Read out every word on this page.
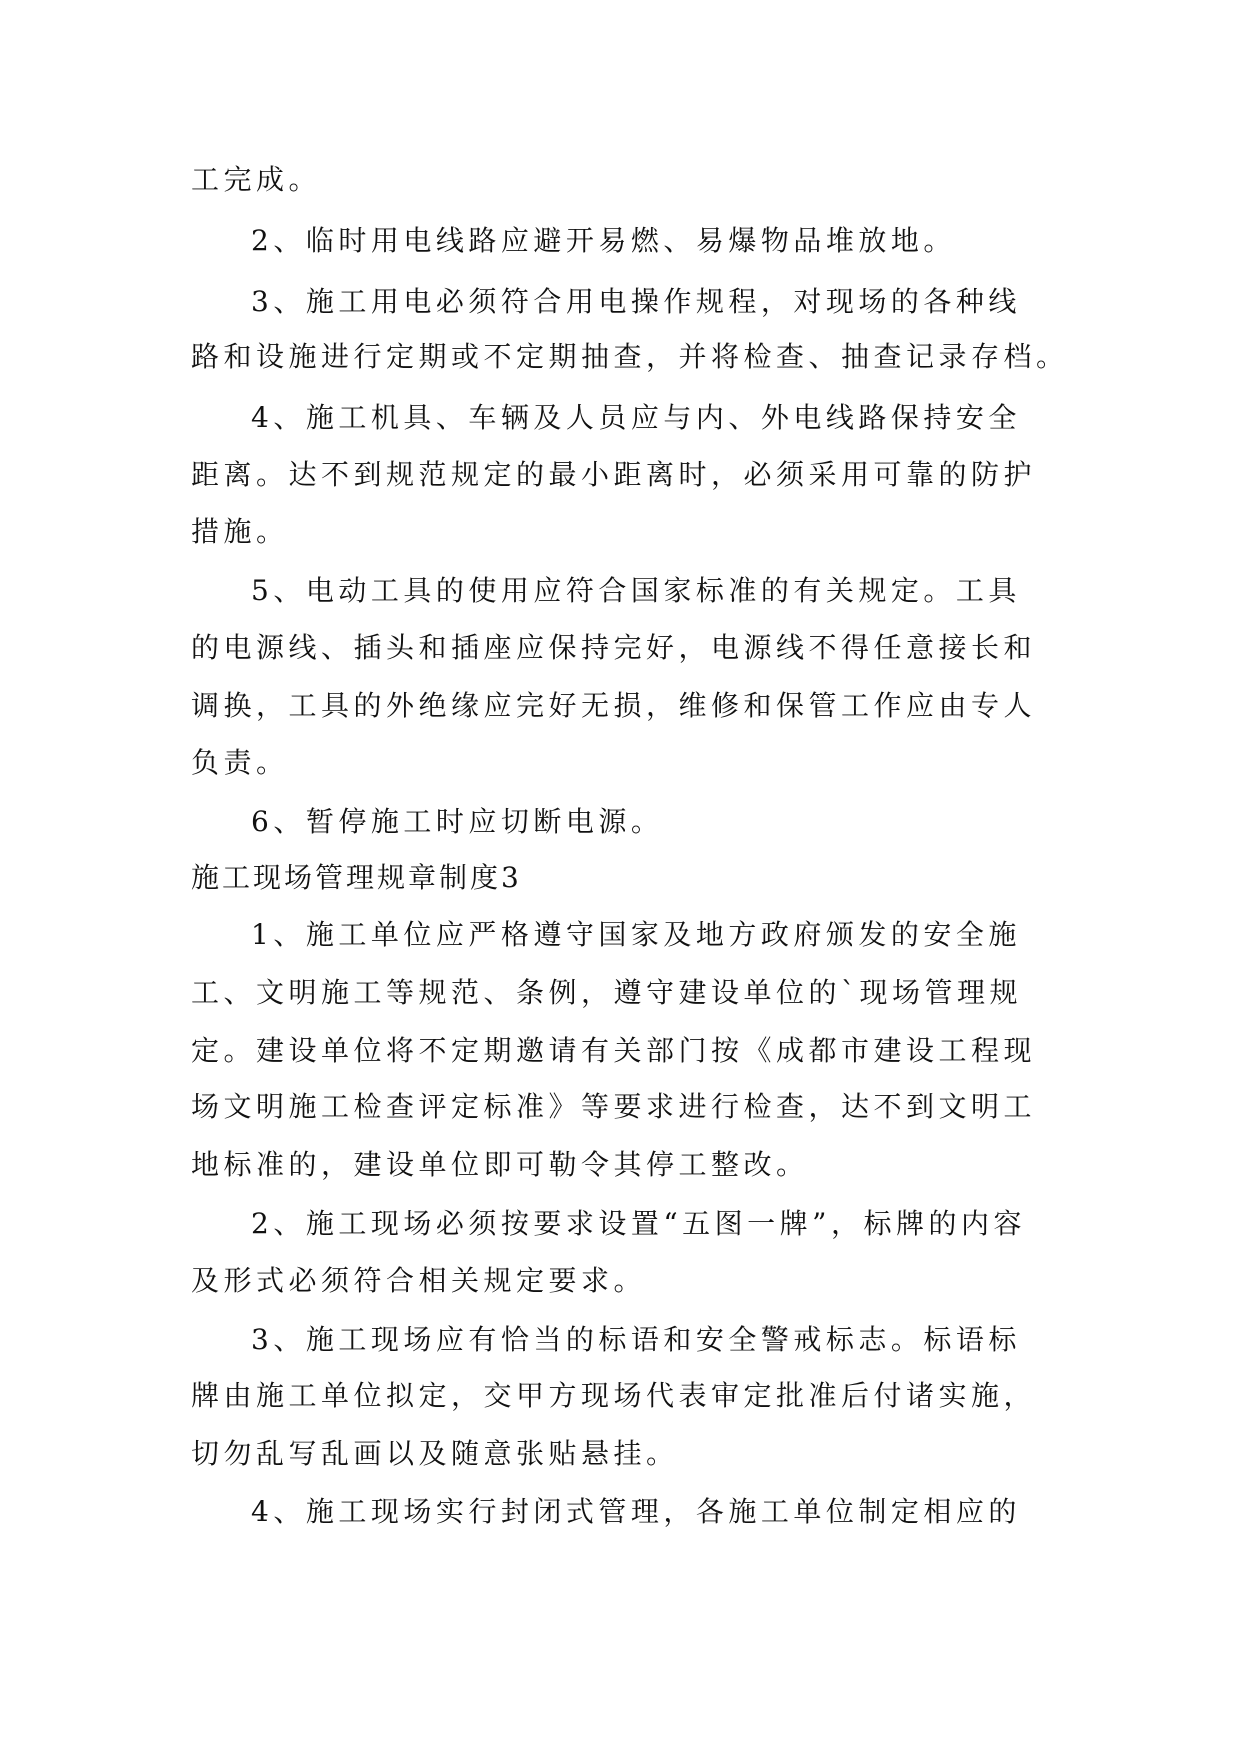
工完成。
2、临时用电线路应避开易燃、易爆物品堆放地。
3、施工用电必须符合用电操作规程，对现场的各种线
路和设施进行定期或不定期抽查，并将检查、抽查记录存档。
4、施工机具、车辆及人员应与内、外电线路保持安全
距离。达不到规范规定的最小距离时，必须采用可靠的防护
措施。
5、电动工具的使用应符合国家标准的有关规定。工具
的电源线、插头和插座应保持完好，电源线不得任意接长和
调换，工具的外绝缘应完好无损，维修和保管工作应由专人
负责。
6、暂停施工时应切断电源。
施工现场管理规章制度3
1、施工单位应严格遵守国家及地方政府颁发的安全施
工、文明施工等规范、条例，遵守建设单位的`现场管理规
定。建设单位将不定期邀请有关部门按《成都市建设工程现
场文明施工检查评定标准》等要求进行检查，达不到文明工
地标准的，建设单位即可勒令其停工整改。
2、施工现场必须按要求设置“五图一牌”，标牌的内容
及形式必须符合相关规定要求。
3、施工现场应有恰当的标语和安全警戒标志。标语标
牌由施工单位拟定，交甲方现场代表审定批准后付诸实施，
切勿乱写乱画以及随意张贴悬挂。
4、施工现场实行封闭式管理，各施工单位制定相应的
